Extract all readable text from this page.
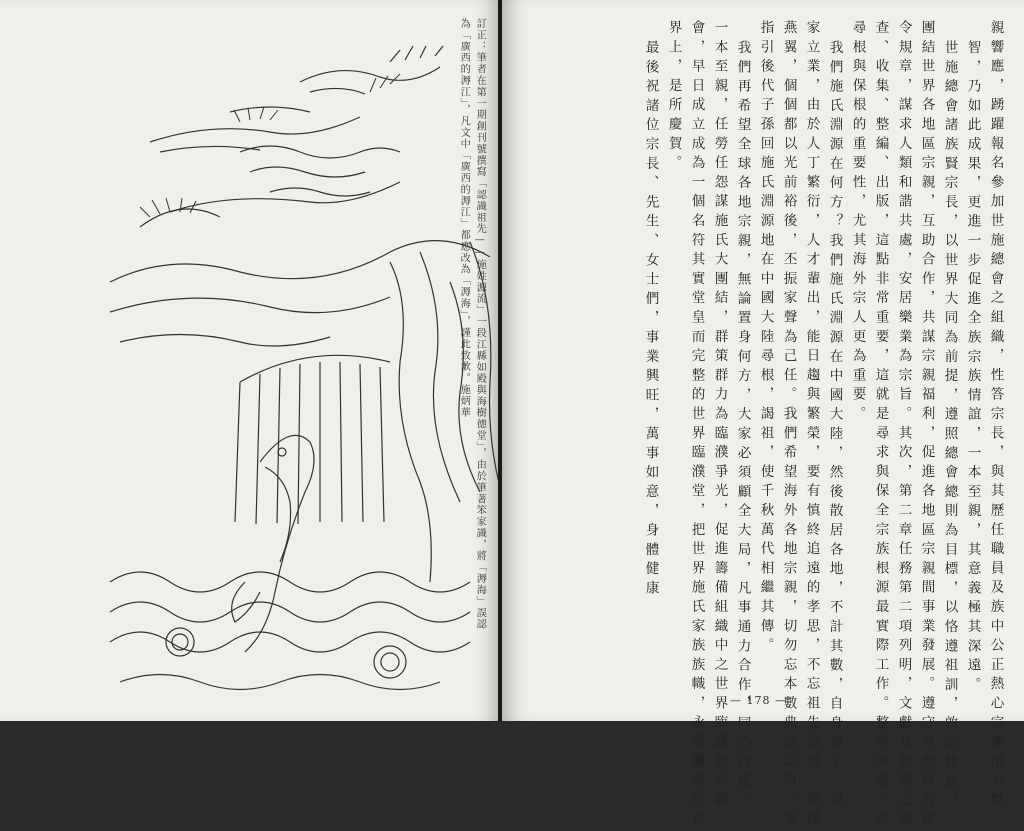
訂正：筆者在第一期創刊號撰寫「認識祖先——施姓源流」一段江縣如殿與海樹德堂」，由於筆著笨家識，將「溽海」誤認
為「廣西的溽江」，凡文中「廣西的溽江」都應改為「溽海」，謹此致歉。施炳華	智，乃如此成果，更進一步促進全族宗族情誼，一本至親，其意義極其深遠。
世施總會諸族賢宗長，以世界大同為前提，遵照總會總則為目標，以恪遵祖訓，敦宗睦族，
團結世界各地區宗親，互助合作，共謀宗親福利，促進各地區宗親間事業發展。遵守各地政府法
令規章，謀求人類和諧共處，安居樂業為宗旨。其次，第二章任務第二項列明，文獻及族譜之調
查、收集、整編、出版，這點非常重要，這就是尋求與保全宗族根源最實際工作。整理家譜，為
尋根與保根的重要性，尤其海外宗人更為重要。
我們施氏淵源在何方？我們施氏淵源在中國大陸，然後散居各地，不計其數，自身謀生，建
家立業，由於人丁繁衍，人才輩出，能日趨與繁榮，要有慎終追遠的孝思，不忘祖先淵源，貽謀
燕翼，個個都以光前裕後，丕振家聲為己任。我們希望海外各地宗親，切勿忘本數典而忘祖。要
指引後代子孫回施氏淵源地在中國大陸尋根，謁祖，使千秋萬代相繼其傳。
我們再希望全球各地宗親，無論置身何方，大家必須顧全大局，凡事通力合作，同心同德，
一本至親，任勞任怨謀施氏大團結，群策群力為臨濮爭光，促進籌備組織中之世界臨濮施氏總
會，早日成立成為一個名符其實堂皇而完整的世界臨濮堂，把世界施氏家族族幟，永遠飄揚於世
界上，是所慶賀。
最後祝諸位宗長、先生、女士們，事業興旺，萬事如意，身體健康
— 178 —	親響應，踴躍報名參加世施總會之組織，性答宗長，與其歷任職員及族中公正熱心宗彥出力獻
